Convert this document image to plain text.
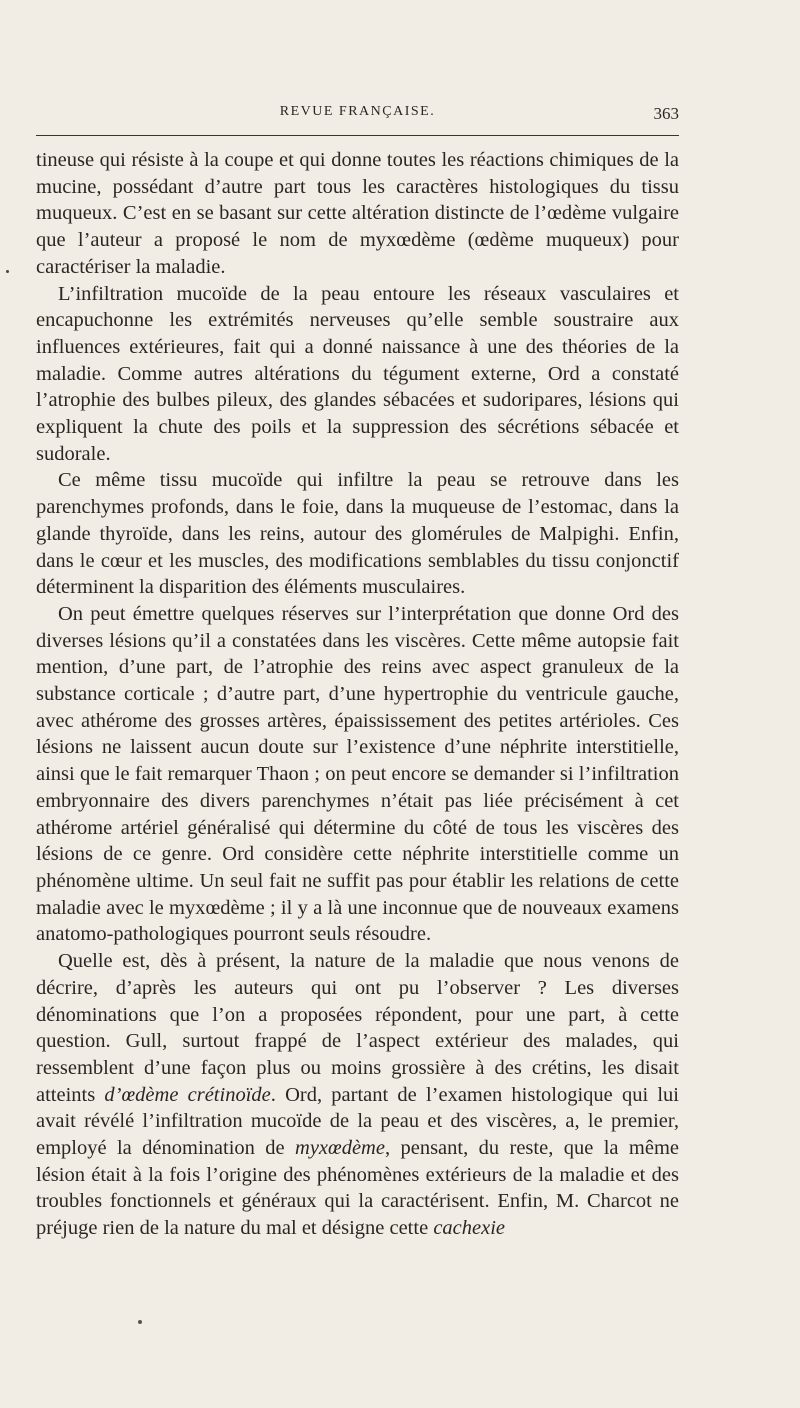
REVUE FRANÇAISE.	363

tineuse qui résiste à la coupe et qui donne toutes les réactions chimiques de la mucine, possédant d’autre part tous les caractères histologiques du tissu muqueux. C’est en se basant sur cette altération distincte de l’œdème vulgaire que l’auteur a proposé le nom de myxœdème (œdème muqueux) pour caractériser la maladie.

L’infiltration mucoïde de la peau entoure les réseaux vasculaires et encapuchonne les extrémités nerveuses qu’elle semble soustraire aux influences extérieures, fait qui a donné naissance à une des théories de la maladie. Comme autres altérations du tégument externe, Ord a constaté l’atrophie des bulbes pileux, des glandes sébacées et sudoripares, lésions qui expliquent la chute des poils et la suppression des sécrétions sébacée et sudorale.

Ce même tissu mucoïde qui infiltre la peau se retrouve dans les parenchymes profonds, dans le foie, dans la muqueuse de l’estomac, dans la glande thyroïde, dans les reins, autour des glomérules de Malpighi. Enfin, dans le cœur et les muscles, des modifications semblables du tissu conjonctif déterminent la disparition des éléments musculaires.

On peut émettre quelques réserves sur l’interprétation que donne Ord des diverses lésions qu’il a constatées dans les viscères. Cette même autopsie fait mention, d’une part, de l’atrophie des reins avec aspect granuleux de la substance corticale ; d’autre part, d’une hypertrophie du ventricule gauche, avec athérome des grosses artères, épaississement des petites artérioles. Ces lésions ne laissent aucun doute sur l’existence d’une néphrite interstitielle, ainsi que le fait remarquer Thaon ; on peut encore se demander si l’infiltration embryonnaire des divers parenchymes n’était pas liée précisément à cet athérome artériel généralisé qui détermine du côté de tous les viscères des lésions de ce genre. Ord considère cette néphrite interstitielle comme un phénomène ultime. Un seul fait ne suffit pas pour établir les relations de cette maladie avec le myxœdème ; il y a là une inconnue que de nouveaux examens anatomo-pathologiques pourront seuls résoudre.

Quelle est, dès à présent, la nature de la maladie que nous venons de décrire, d’après les auteurs qui ont pu l’observer ? Les diverses dénominations que l’on a proposées répondent, pour une part, à cette question. Gull, surtout frappé de l’aspect extérieur des malades, qui ressemblent d’une façon plus ou moins grossière à des crétins, les disait atteints d’œdème crétinoïde. Ord, partant de l’examen histologique qui lui avait révélé l’infiltration mucoïde de la peau et des viscères, a, le premier, employé la dénomination de myxœdème, pensant, du reste, que la même lésion était à la fois l’origine des phénomènes extérieurs de la maladie et des troubles fonctionnels et généraux qui la caractérisent. Enfin, M. Charcot ne préjuge rien de la nature du mal et désigne cette cachexie
